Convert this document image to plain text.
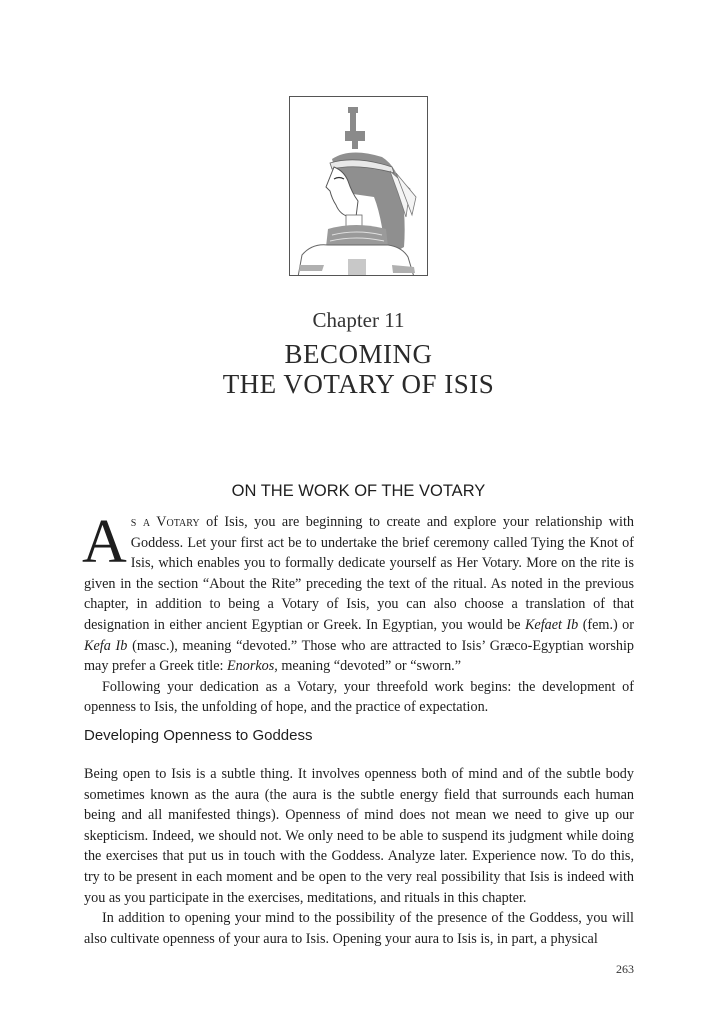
Chapter 11
BECOMING
THE VOTARY OF ISIS
ON THE WORK OF THE VOTARY

As a Votary of Isis, you are beginning to create and explore your relationship with Goddess. Let your first act be to undertake the brief ceremony called Tying the Knot of Isis, which enables you to formally dedicate yourself as Her Votary. More on the rite is given in the section “About the Rite” preceding the text of the ritual. As noted in the previous chapter, in addition to being a Votary of Isis, you can also choose a translation of that designation in either ancient Egyptian or Greek. In Egyptian, you would be Kefaet Ib (fem.) or Kefa Ib (masc.), meaning “devoted.” Those who are attracted to Isis’ Græco-Egyptian worship may prefer a Greek title: Enorkos, meaning “devoted” or “sworn.”

Following your dedication as a Votary, your threefold work begins: the development of openness to Isis, the unfolding of hope, and the practice of expectation.

Developing Openness to Goddess

Being open to Isis is a subtle thing. It involves openness both of mind and of the subtle body sometimes known as the aura (the aura is the subtle energy field that surrounds each human being and all manifested things). Openness of mind does not mean we need to give up our skepticism. Indeed, we should not. We only need to be able to suspend its judgment while doing the exercises that put us in touch with the Goddess. Analyze later. Experience now. To do this, try to be present in each moment and be open to the very real possibility that Isis is indeed with you as you participate in the exercises, meditations, and rituals in this chapter.

In addition to opening your mind to the possibility of the presence of the Goddess, you will also cultivate openness of your aura to Isis. Opening your aura to Isis is, in part, a physical

263
